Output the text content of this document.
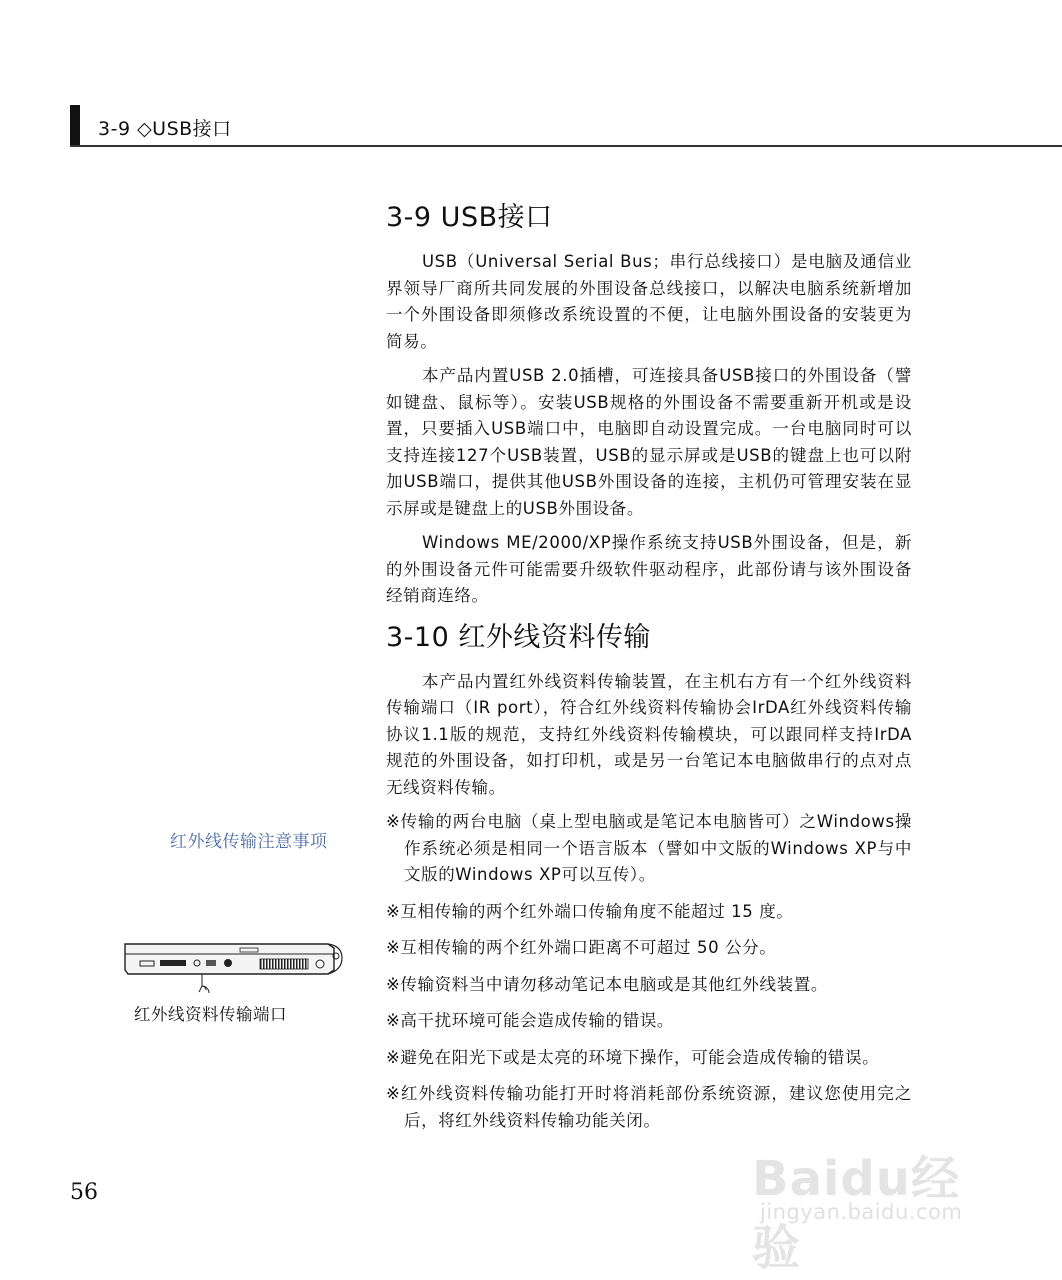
3-9 ◇USB接口
3-9 USB接口

USB（Universal Serial Bus；串行总线接口）是电脑及通信业界领导厂商所共同发展的外围设备总线接口，以解决电脑系统新增加一个外围设备即须修改系统设置的不便，让电脑外围设备的安装更为简易。

本产品内置USB 2.0插槽，可连接具备USB接口的外围设备（譬如键盘、鼠标等）。安装USB规格的外围设备不需要重新开机或是设置，只要插入USB端口中，电脑即自动设置完成。一台电脑同时可以支持连接127个USB装置，USB的显示屏或是USB的键盘上也可以附加USB端口，提供其他USB外围设备的连接，主机仍可管理安装在显示屏或是键盘上的USB外围设备。

Windows ME/2000/XP操作系统支持USB外围设备，但是，新的外围设备元件可能需要升级软件驱动程序，此部份请与该外围设备经销商连络。

3-10 红外线资料传输

本产品内置红外线资料传输装置，在主机右方有一个红外线资料传输端口（IR port），符合红外线资料传输协会IrDA红外线资料传输协议1.1版的规范，支持红外线资料传输模块，可以跟同样支持IrDA规范的外围设备，如打印机，或是另一台笔记本电脑做串行的点对点无线资料传输。

※传输的两台电脑（桌上型电脑或是笔记本电脑皆可）之Windows操作系统必须是相同一个语言版本（譬如中文版的Windows XP与中文版的Windows XP可以互传）。
※互相传输的两个红外端口传输角度不能超过 15 度。
※互相传输的两个红外端口距离不可超过 50 公分。
※传输资料当中请勿移动笔记本电脑或是其他红外线装置。
※高干扰环境可能会造成传输的错误。
※避免在阳光下或是太亮的环境下操作，可能会造成传输的错误。
※红外线资料传输功能打开时将消耗部份系统资源，建议您使用完之后，将红外线资料传输功能关闭。
红外线传输注意事项
红外线资料传输端口
56	Baidu经验
jingyan.baidu.com
